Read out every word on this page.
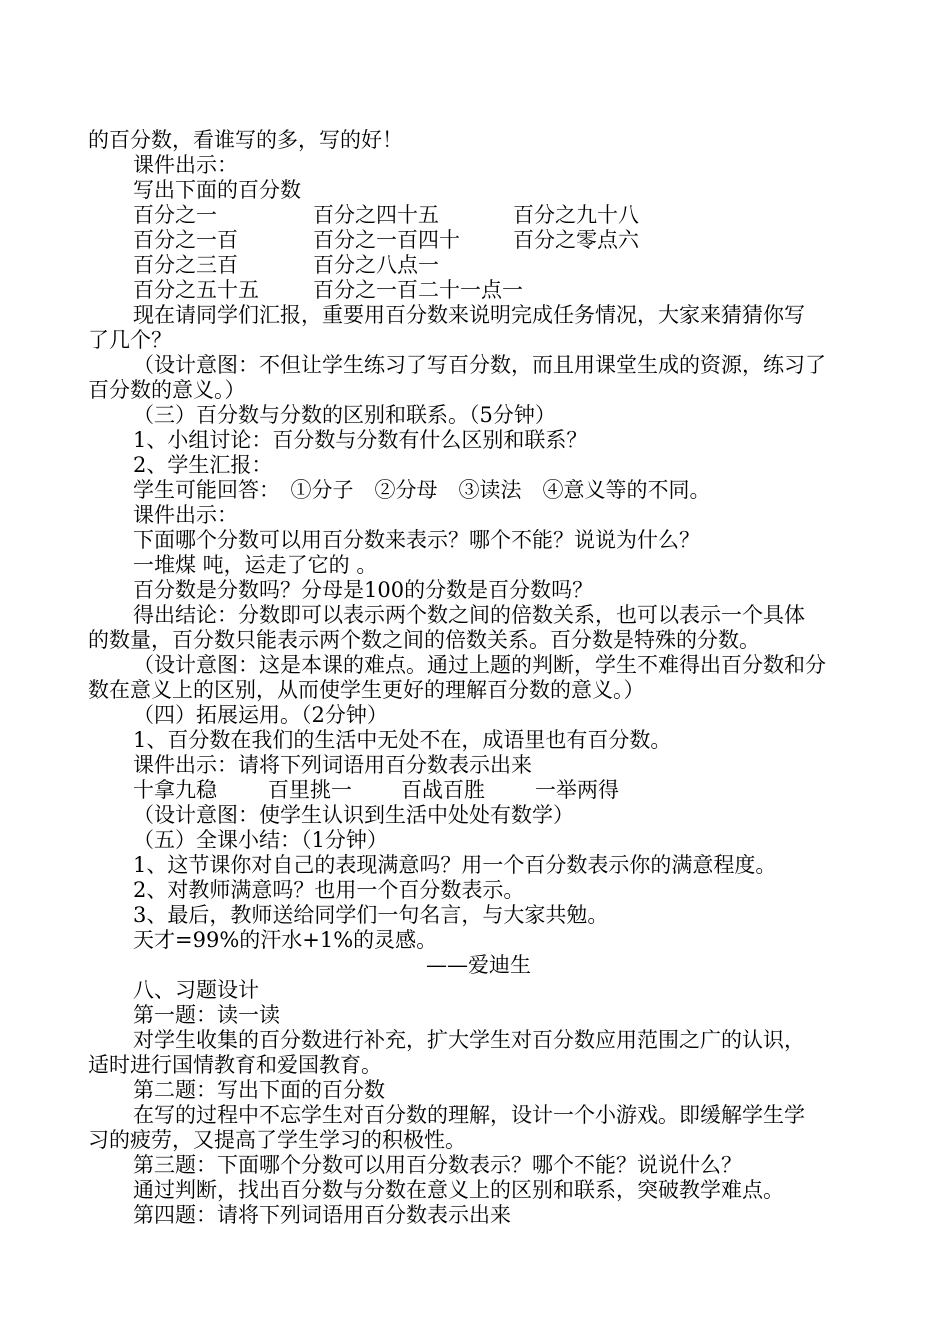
的百分数，看谁写的多，写的好！
课件出示：
写出下面的百分数
百分之一	百分之四十五	百分之九十八
百分之一百	百分之一百四十	百分之零点六
百分之三百	百分之八点一
百分之五十五	百分之一百二十一点一
现在请同学们汇报，重要用百分数来说明完成任务情况，大家来猜猜你写
了几个？
（设计意图：不但让学生练习了写百分数，而且用课堂生成的资源，练习了
百分数的意义。）
（三）百分数与分数的区别和联系。（5分钟）
1、小组讨论：百分数与分数有什么区别和联系？
2、学生汇报：
学生可能回答：　①分子　②分母　③读法　④意义等的不同。
课件出示：
下面哪个分数可以用百分数来表示？哪个不能？说说为什么？
一堆煤 吨，运走了它的 。
百分数是分数吗？分母是100的分数是百分数吗？
得出结论：分数即可以表示两个数之间的倍数关系，也可以表示一个具体
的数量，百分数只能表示两个数之间的倍数关系。百分数是特殊的分数。
（设计意图：这是本课的难点。通过上题的判断，学生不难得出百分数和分
数在意义上的区别，从而使学生更好的理解百分数的意义。）
（四）拓展运用。（2分钟）
1、百分数在我们的生活中无处不在，成语里也有百分数。
课件出示：请将下列词语用百分数表示出来
十拿九稳 百里挑一 百战百胜 一举两得
（设计意图：使学生认识到生活中处处有数学）
（五）全课小结：（1分钟）
1、这节课你对自己的表现满意吗？用一个百分数表示你的满意程度。
2、对教师满意吗？也用一个百分数表示。
3、最后，教师送给同学们一句名言，与大家共勉。
天才=99%的汗水+1%的灵感。
——爱迪生
八、习题设计
第一题：读一读
对学生收集的百分数进行补充，扩大学生对百分数应用范围之广的认识，
适时进行国情教育和爱国教育。
第二题：写出下面的百分数
在写的过程中不忘学生对百分数的理解，设计一个小游戏。即缓解学生学
习的疲劳，又提高了学生学习的积极性。
第三题：下面哪个分数可以用百分数表示？哪个不能？说说什么？
通过判断，找出百分数与分数在意义上的区别和联系，突破教学难点。
第四题：请将下列词语用百分数表示出来
